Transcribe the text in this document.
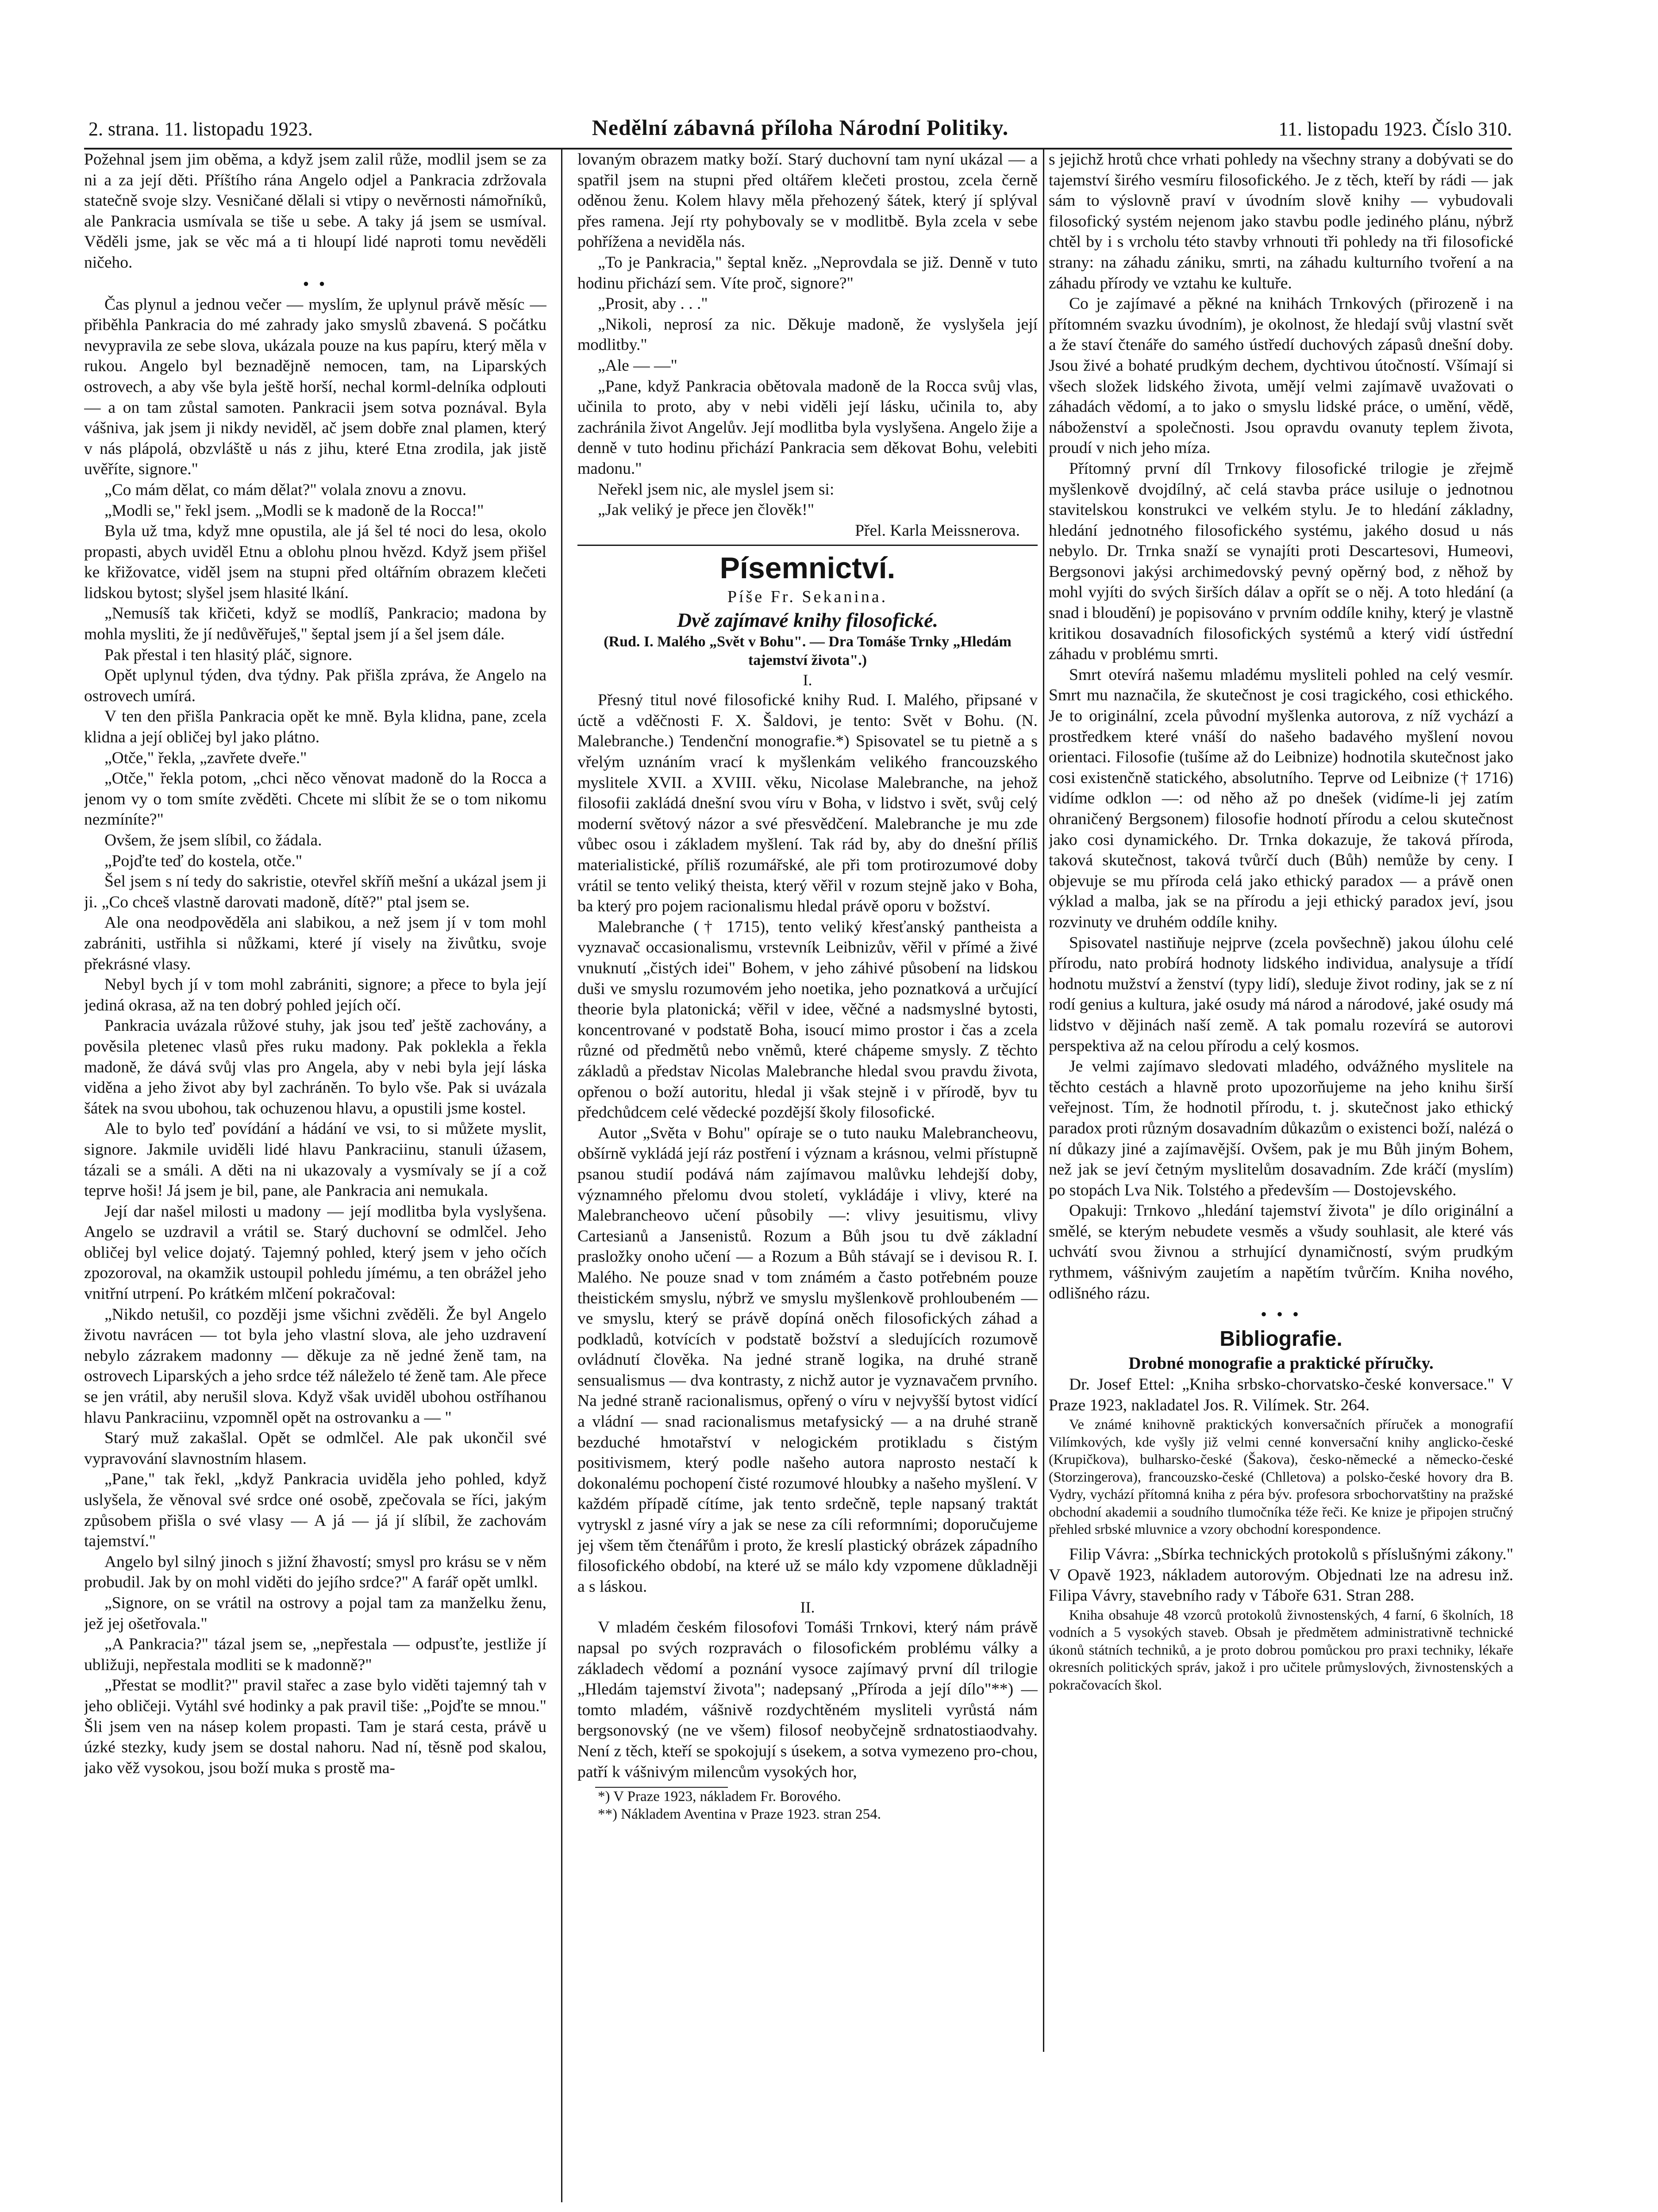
2. strana. 11. listopadu 1923.	Nedělní zábavná příloha Národní Politiky.	11. listopadu 1923. Číslo 310.

Požehnal jsem jim oběma, a když jsem zalil růže, modlil jsem se za ni a za její děti. Příštího rána Angelo odjel a Pankracia zdržovala statečně svoje slzy. Vesničané dělali si vtipy o nevěrnosti námořníků, ale Pankracia usmívala se tiše u sebe. A taky já jsem se usmíval. Věděli jsme, jak se věc má a ti hloupí lidé naproti tomu nevěděli ničeho.

• •

Čas plynul a jednou večer — myslím, že uplynul právě měsíc — přiběhla Pankracia do mé zahrady jako smyslů zbavená. S počátku nevypravila ze sebe slova, ukázala pouze na kus papíru, který měla v rukou. Angelo byl beznadějně nemocen, tam, na Liparských ostrovech, a aby vše byla ještě horší, nechal korml-delníka odplouti — a on tam zůstal samoten. Pankracii jsem sotva poznával. Byla vášniva, jak jsem ji nikdy neviděl, ač jsem dobře znal plamen, který v nás plápolá, obzvláště u nás z jihu, které Etna zrodila, jak jistě uvěříte, signore."

„Co mám dělat, co mám dělat?" volala znovu a znovu.

„Modli se," řekl jsem. „Modli se k madoně de la Rocca!"

Byla už tma, když mne opustila, ale já šel té noci do lesa, okolo propasti, abych uviděl Etnu a oblohu plnou hvězd. Když jsem přišel ke křižovatce, viděl jsem na stupni před oltářním obrazem klečeti lidskou bytost; slyšel jsem hlasité lkání.

„Nemusíš tak křičeti, když se modlíš, Pankracio; madona by mohla mysliti, že jí nedůvěřuješ," šeptal jsem jí a šel jsem dále.

Pak přestal i ten hlasitý pláč, signore.

Opět uplynul týden, dva týdny. Pak přišla zpráva, že Angelo na ostrovech umírá.

V ten den přišla Pankracia opět ke mně. Byla klidna, pane, zcela klidna a její obličej byl jako plátno.

„Otče," řekla, „zavřete dveře."

„Otče," řekla potom, „chci něco věnovat madoně do la Rocca a jenom vy o tom smíte zvěděti. Chcete mi slíbit že se o tom nikomu nezmíníte?"

Ovšem, že jsem slíbil, co žádala.

„Pojďte teď do kostela, otče."

Šel jsem s ní tedy do sakristie, otevřel skříň mešní a ukázal jsem ji ji. „Co chceš vlastně darovati madoně, dítě?" ptal jsem se.

Ale ona neodpověděla ani slabikou, a než jsem jí v tom mohl zabrániti, ustřihla si nůžkami, které jí visely na živůtku, svoje překrásné vlasy.

Nebyl bych jí v tom mohl zabrániti, signore; a přece to byla její jediná okrasa, až na ten dobrý pohled jejích očí.

Pankracia uvázala růžové stuhy, jak jsou teď ještě zachovány, a pověsila pletenec vlasů přes ruku madony. Pak poklekla a řekla madoně, že dává svůj vlas pro Angela, aby v nebi byla její láska viděna a jeho život aby byl zachráněn. To bylo vše. Pak si uvázala šátek na svou ubohou, tak ochuzenou hlavu, a opustili jsme kostel.

Ale to bylo teď povídání a hádání ve vsi, to si můžete myslit, signore. Jakmile uviděli lidé hlavu Pankraciinu, stanuli úžasem, tázali se a smáli. A děti na ni ukazovaly a vysmívaly se jí a což teprve hoši! Já jsem je bil, pane, ale Pankracia ani nemukala.

Její dar našel milosti u madony — její modlitba byla vyslyšena. Angelo se uzdravil a vrátil se. Starý duchovní se odmlčel. Jeho obličej byl velice dojatý. Tajemný pohled, který jsem v jeho očích zpozoroval, na okamžik ustoupil pohledu jímému, a ten obrážel jeho vnitřní utrpení. Po krátkém mlčení pokračoval:

„Nikdo netušil, co později jsme všichni zvěděli. Že byl Angelo životu navrácen — tot byla jeho vlastní slova, ale jeho uzdravení nebylo zázrakem madonny — děkuje za ně jedné ženě tam, na ostrovech Liparských a jeho srdce též náleželo té ženě tam. Ale přece se jen vrátil, aby nerušil slova. Když však uviděl ubohou ostříhanou hlavu Pankraciinu, vzpomněl opět na ostrovanku a — "

Starý muž zakašlal. Opět se odmlčel. Ale pak ukončil své vypravování slavnostním hlasem.

„Pane," tak řekl, „když Pankracia uviděla jeho pohled, když uslyšela, že věnoval své srdce oné osobě, zpečovala se říci, jakým způsobem přišla o své vlasy — A já — já jí slíbil, že zachovám tajemství."

Angelo byl silný jinoch s jižní žhavostí; smysl pro krásu se v něm probudil. Jak by on mohl viděti do jejího srdce?" A farář opět umlkl.

„Signore, on se vrátil na ostrovy a pojal tam za manželku ženu, jež jej ošetřovala."

„A Pankracia?" tázal jsem se, „nepřestala — odpusťte, jestliže jí ubližuji, nepřestala modliti se k madonně?"

„Přestat se modlit?" pravil stařec a zase bylo viděti tajemný tah v jeho obličeji. Vytáhl své hodinky a pak pravil tiše: „Pojďte se mnou." Šli jsem ven na násep kolem propasti. Tam je stará cesta, právě u úzké stezky, kudy jsem se dostal nahoru. Nad ní, těsně pod skalou, jako věž vysokou, jsou boží muka s prostě ma-

lovaným obrazem matky boží. Starý duchovní tam nyní ukázal — a spatřil jsem na stupni před oltářem klečeti prostou, zcela černě oděnou ženu. Kolem hlavy měla přehozený šátek, který jí splýval přes ramena. Její rty pohybovaly se v modlitbě. Byla zcela v sebe pohřížena a neviděla nás.

„To je Pankracia," šeptal kněz. „Neprovdala se již. Denně v tuto hodinu přichází sem. Víte proč, signore?"

„Prosit, aby . . ."

„Nikoli, neprosí za nic. Děkuje madoně, že vyslyšela její modlitby."

„Ale — —"

„Pane, když Pankracia obětovala madoně de la Rocca svůj vlas, učinila to proto, aby v nebi viděli její lásku, učinila to, aby zachránila život Angelův. Její modlitba byla vyslyšena. Angelo žije a denně v tuto hodinu přichází Pankracia sem děkovat Bohu, velebiti madonu."

Neřekl jsem nic, ale myslel jsem si:

„Jak veliký je přece jen člověk!"

Přel. Karla Meissnerova.

Písemnictví.
Píše Fr. Sekanina.
Dvě zajímavé knihy filosofické.
(Rud. I. Malého „Svět v Bohu". — Dra Tomáše Trnky „Hledám tajemství života".)
I.

Přesný titul nové filosofické knihy Rud. I. Malého, připsané v úctě a vděčnosti F. X. Šaldovi, je tento: Svět v Bohu. (N. Malebranche.) Tendenční monografie.*) Spisovatel se tu pietně a s vřelým uznáním vrací k myšlenkám velikého francouzského myslitele XVII. a XVIII. věku, Nicolase Malebranche, na jehož filosofii zakládá dnešní svou víru v Boha, v lidstvo i svět, svůj celý moderní světový názor a své přesvědčení. Malebranche je mu zde vůbec osou i základem myšlení. Tak rád by, aby do dnešní příliš materialistické, příliš rozumářské, ale při tom protirozumové doby vrátil se tento veliký theista, který věřil v rozum stejně jako v Boha, ba který pro pojem racionalismu hledal právě oporu v božství.

Malebranche († 1715), tento veliký křesťanský pantheista a vyznavač occasionalismu, vrstevník Leibnizův, věřil v přímé a živé vnuknutí „čistých idei" Bohem, v jeho záhivé působení na lidskou duši ve smyslu rozumovém jeho noetika, jeho poznatková a určující theorie byla platonická; věřil v idee, věčné a nadsmyslné bytosti, koncentrované v podstatě Boha, isoucí mimo prostor i čas a zcela různé od předmětů nebo vněmů, které chápeme smysly. Z těchto základů a představ Nicolas Malebranche hledal svou pravdu života, opřenou o boží autoritu, hledal ji však stejně i v přírodě, byv tu předchůdcem celé vědecké pozdější školy filosofické.

Autor „Světa v Bohu" opíraje se o tuto nauku Malebrancheovu, obšírně vykládá její ráz postření i význam a krásnou, velmi přístupně psanou studií podává nám zajímavou malůvku lehdejší doby, významného přelomu dvou století, vykládáje i vlivy, které na Malebrancheovo učení působily —: vlivy jesuitismu, vlivy Cartesianů a Jansenistů. Rozum a Bůh jsou tu dvě základní prasložky onoho učení — a Rozum a Bůh stávají se i devisou R. I. Malého. Ne pouze snad v tom známém a často potřebném pouze theistickém smyslu, nýbrž ve smyslu myšlenkově prohloubeném — ve smyslu, který se právě dopíná oněch filosofických záhad a podkladů, kotvících v podstatě božství a sledujících rozumově ovládnutí člověka. Na jedné straně logika, na druhé straně sensualismus — dva kontrasty, z nichž autor je vyznavačem prvního. Na jedné straně racionalismus, opřený o víru v nejvyšší bytost vidící a vládní — snad racionalismus metafysický — a na druhé straně bezduché hmotařství v nelogickém protikladu s čistým positivismem, který podle našeho autora naprosto nestačí k dokonalému pochopení čisté rozumové hloubky a našeho myšlení. V každém případě cítíme, jak tento srdečně, teple napsaný traktát vytryskl z jasné víry a jak se nese za cíli reformními; doporučujeme jej všem těm čtenářům i proto, že kreslí plastický obrázek západního filosofického období, na které už se málo kdy vzpomene důkladněji a s láskou.

II.

V mladém českém filosofovi Tomáši Trnkovi, který nám právě napsal po svých rozpravách o filosofickém problému války a základech vědomí a poznání vysoce zajímavý první díl trilogie „Hledám tajemství života"; nadepsaný „Příroda a její dílo"**) — tomto mladém, vášnivě rozdychtěném mysliteli vyrůstá nám bergsonovský (ne ve všem) filosof neobyčejně srdnatostiaodvahy. Není z těch, kteří se spokojují s úsekem, a sotva vymezeno pro-chou, patří k vášnivým milencům vysokých hor,

*) V Praze 1923, nákladem Fr. Borového.

**) Nákladem Aventina v Praze 1923. stran 254.

s jejichž hrotů chce vrhati pohledy na všechny strany a dobývati se do tajemství širého vesmíru filosofického. Je z těch, kteří by rádi — jak sám to výslovně praví v úvodním slově knihy — vybudovali filosofický systém nejenom jako stavbu podle jediného plánu, nýbrž chtěl by i s vrcholu této stavby vrhnouti tři pohledy na tři filosofické strany: na záhadu zániku, smrti, na záhadu kulturního tvoření a na záhadu přírody ve vztahu ke kultuře.

Co je zajímavé a pěkné na knihách Trnkových (přirozeně i na přítomném svazku úvodním), je okolnost, že hledají svůj vlastní svět a že staví čtenáře do samého ústředí duchových zápasů dnešní doby. Jsou živé a bohaté prudkým dechem, dychtivou útočností. Všímají si všech složek lidského života, umějí velmi zajímavě uvažovati o záhadách vědomí, a to jako o smyslu lidské práce, o umění, vědě, náboženství a společnosti. Jsou opravdu ovanuty teplem života, proudí v nich jeho míza.

Přítomný první díl Trnkovy filosofické trilogie je zřejmě myšlenkově dvojdílný, ač celá stavba práce usiluje o jednotnou stavitelskou konstrukci ve velkém stylu. Je to hledání základny, hledání jednotného filosofického systému, jakého dosud u nás nebylo. Dr. Trnka snaží se vynajíti proti Descartesovi, Humeovi, Bergsonovi jakýsi archimedovský pevný opěrný bod, z něhož by mohl vyjíti do svých širších dálav a opřít se o něj. A toto hledání (a snad i bloudění) je popisováno v prvním oddíle knihy, který je vlastně kritikou dosavadních filosofických systémů a který vidí ústřední záhadu v problému smrti.

Smrt otevírá našemu mladému mysliteli pohled na celý vesmír. Smrt mu naznačila, že skutečnost je cosi tragického, cosi ethického. Je to originální, zcela původní myšlenka autorova, z níž vychází a prostředkem které vnáší do našeho badavého myšlení novou orientaci. Filosofie (tušíme až do Leibnize) hodnotila skutečnost jako cosi existenčně statického, absolutního. Teprve od Leibnize († 1716) vidíme odklon —: od něho až po dnešek (vidíme-li jej zatím ohraničený Bergsonem) filosofie hodnotí přírodu a celou skutečnost jako cosi dynamického. Dr. Trnka dokazuje, že taková příroda, taková skutečnost, taková tvůrčí duch (Bůh) nemůže by ceny. I objevuje se mu příroda celá jako ethický paradox — a právě onen výklad a malba, jak se na přírodu a jeji ethický paradox jeví, jsou rozvinuty ve druhém oddíle knihy.

Spisovatel nastiňuje nejprve (zcela povšechně) jakou úlohu celé přírodu, nato probírá hodnoty lidského individua, analysuje a třídí hodnotu mužství a ženství (typy lidí), sleduje život rodiny, jak se z ní rodí genius a kultura, jaké osudy má národ a národové, jaké osudy má lidstvo v dějinách naší země. A tak pomalu rozevírá se autorovi perspektiva až na celou přírodu a celý kosmos.

Je velmi zajímavo sledovati mladého, odvážného myslitele na těchto cestách a hlavně proto upozorňujeme na jeho knihu širší veřejnost. Tím, že hodnotil přírodu, t. j. skutečnost jako ethický paradox proti různým dosavadním důkazům o existenci boží, nalézá o ní důkazy jiné a zajímavější. Ovšem, pak je mu Bůh jiným Bohem, než jak se jeví četným myslitelům dosavadním. Zde kráčí (myslím) po stopách Lva Nik. Tolstého a především — Dostojevského.

Opakuji: Trnkovo „hledání tajemství života" je dílo originální a smělé, se kterým nebudete vesměs a všudy souhlasit, ale které vás uchvátí svou živnou a strhující dynamičností, svým prudkým rythmem, vášnivým zaujetím a napětím tvůrčím. Kniha nového, odlišného rázu.

• • •
Bibliografie.
Drobné monografie a praktické příručky.

Dr. Josef Ettel: „Kniha srbsko-chorvatsko-české konversace." V Praze 1923, nakladatel Jos. R. Vilímek. Str. 264.

Ve známé knihovně praktických konversačních příruček a monografií Vilímkových, kde vyšly již velmi cenné konversační knihy anglicko-české (Krupičkova), bulharsko-české (Šakova), česko-německé a německo-české (Storzingerova), francouzsko-české (Chlletova) a polsko-české hovory dra B. Vydry, vychází přítomná kniha z péra býv. profesora srbochorvatštiny na pražské obchodní akademii a soudního tlumočníka téže řeči. Ke knize je připojen stručný přehled srbské mluvnice a vzory obchodní korespondence.

Filip Vávra: „Sbírka technických protokolů s příslušnými zákony." V Opavě 1923, nákladem autorovým. Objednati lze na adresu inž. Filipa Vávry, stavebního rady v Táboře 631. Stran 288.

Kniha obsahuje 48 vzorců protokolů živnostenských, 4 farní, 6 školních, 18 vodních a 5 vysokých staveb. Obsah je předmětem administrativně technické úkonů státních techniků, a je proto dobrou pomůckou pro praxi techniky, lékaře okresních politických správ, jakož i pro učitele průmyslových, živnostenských a pokračovacích škol.
